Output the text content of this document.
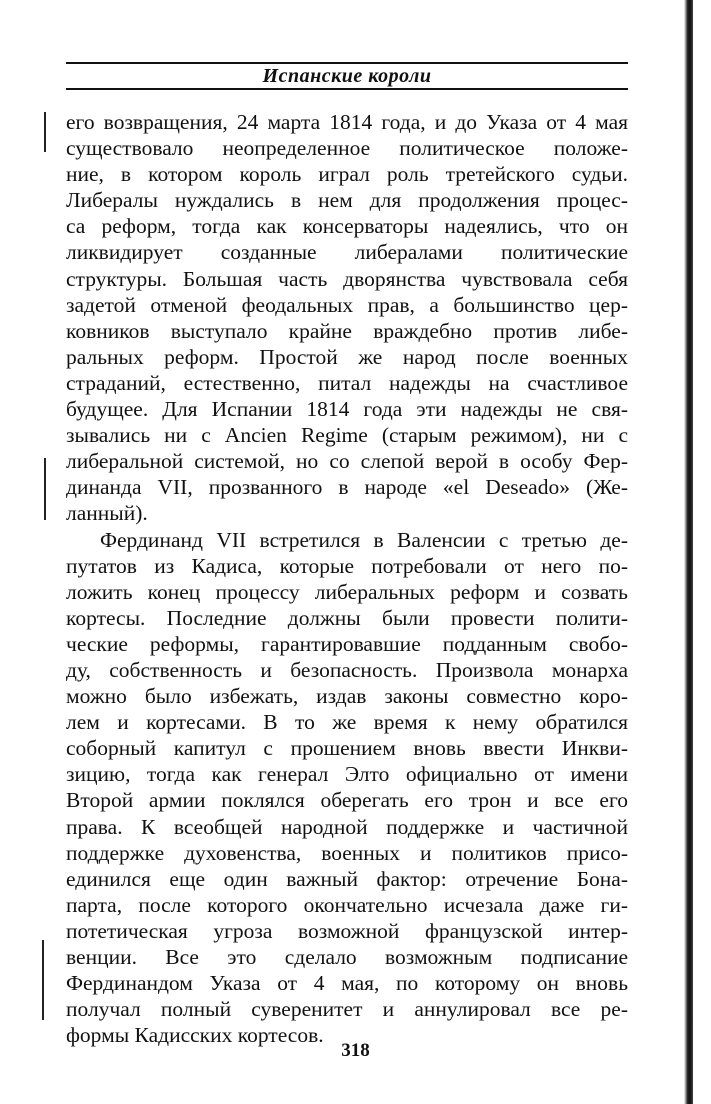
Испанские короли
его возвращения, 24 марта 1814 года, и до Указа от 4 мая
существовало неопределенное политическое положе-
ние, в котором король играл роль третейского судьи.
Либералы нуждались в нем для продолжения процес-
са реформ, тогда как консерваторы надеялись, что он
ликвидирует созданные либералами политические
структуры. Большая часть дворянства чувствовала себя
задетой отменой феодальных прав, а большинство цер-
ковников выступало крайне враждебно против либе-
ральных реформ. Простой же народ после военных
страданий, естественно, питал надежды на счастливое
будущее. Для Испании 1814 года эти надежды не свя-
зывались ни с Ancien Regime (старым режимом), ни с
либеральной системой, но со слепой верой в особу Фер-
динанда VII, прозванного в народе «el Deseado» (Же-
ланный).
Фердинанд VII встретился в Валенсии с третью де-
путатов из Кадиса, которые потребовали от него по-
ложить конец процессу либеральных реформ и созвать
кортесы. Последние должны были провести полити-
ческие реформы, гарантировавшие подданным свобо-
ду, собственность и безопасность. Произвола монарха
можно было избежать, издав законы совместно коро-
лем и кортесами. В то же время к нему обратился
соборный капитул с прошением вновь ввести Инкви-
зицию, тогда как генерал Элто официально от имени
Второй армии поклялся оберегать его трон и все его
права. К всеобщей народной поддержке и частичной
поддержке духовенства, военных и политиков присо-
единился еще один важный фактор: отречение Бона-
парта, после которого окончательно исчезала даже ги-
потетическая угроза возможной французской интер-
венции. Все это сделало возможным подписание
Фердинандом Указа от 4 мая, по которому он вновь
получал полный суверенитет и аннулировал все ре-
формы Кадисских кортесов.
318
